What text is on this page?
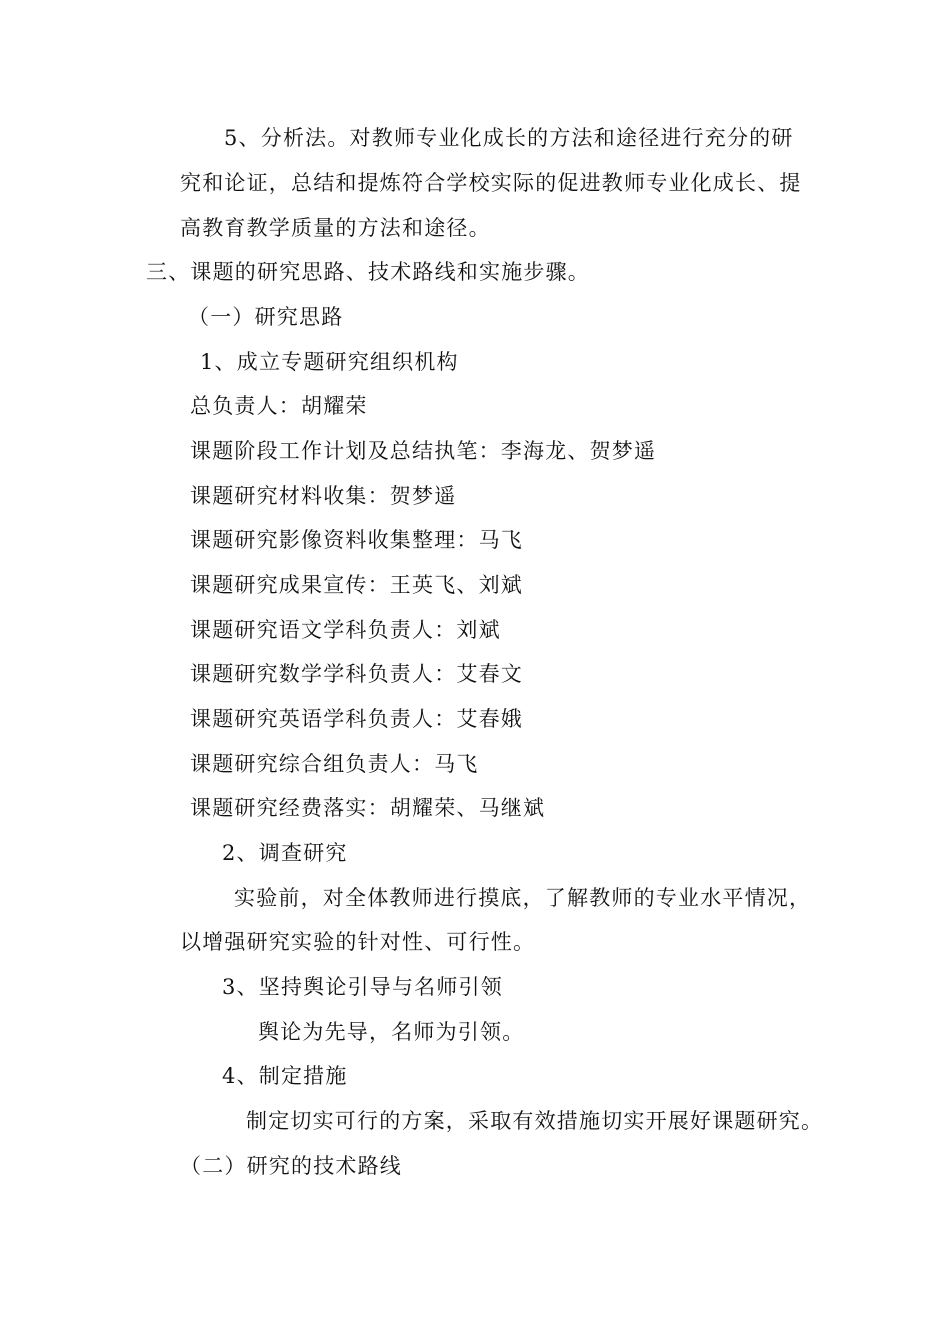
5、分析法。对教师专业化成长的方法和途径进行充分的研
究和论证，总结和提炼符合学校实际的促进教师专业化成长、提
高教育教学质量的方法和途径。
三、课题的研究思路、技术路线和实施步骤。
（一）研究思路
1、成立专题研究组织机构
总负责人：胡耀荣
课题阶段工作计划及总结执笔：李海龙、贺梦遥
课题研究材料收集：贺梦遥
课题研究影像资料收集整理：马飞
课题研究成果宣传：王英飞、刘斌
课题研究语文学科负责人：刘斌
课题研究数学学科负责人：艾春文
课题研究英语学科负责人：艾春娥
课题研究综合组负责人：马飞
课题研究经费落实：胡耀荣、马继斌
2、调查研究
实验前，对全体教师进行摸底，了解教师的专业水平情况，
以增强研究实验的针对性、可行性。
3、坚持舆论引导与名师引领
舆论为先导，名师为引领。
4、制定措施
制定切实可行的方案，采取有效措施切实开展好课题研究。
（二）研究的技术路线
